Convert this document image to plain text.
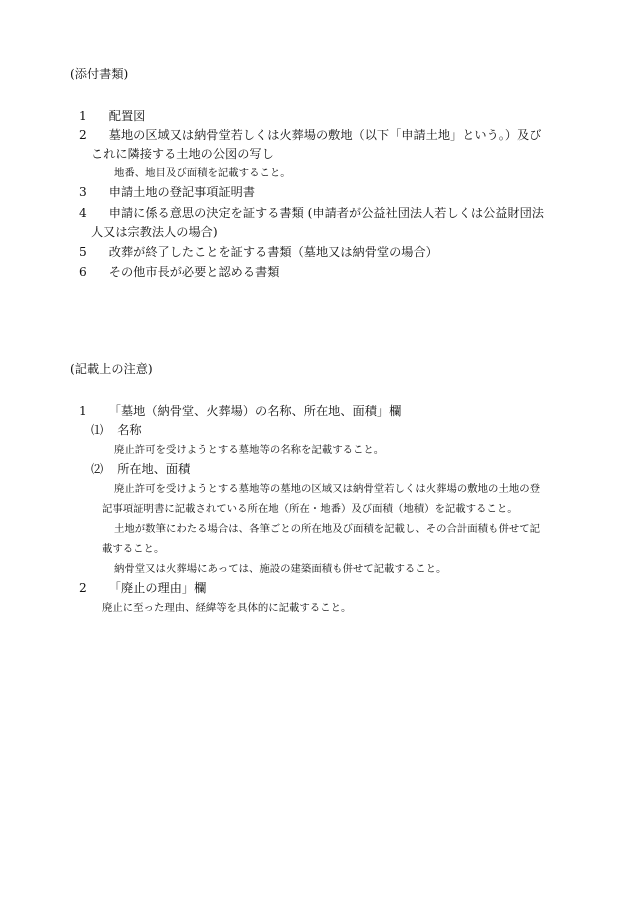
(添付書類)
1 配置図
2 墓地の区域又は納骨堂若しくは火葬場の敷地（以下「申請土地」という。）及び
これに隣接する土地の公図の写し
地番、地目及び面積を記載すること。
3 申請土地の登記事項証明書
4 申請に係る意思の決定を証する書類 (申請者が公益社団法人若しくは公益財団法
人又は宗教法人の場合)
5 改葬が終了したことを証する書類（墓地又は納骨堂の場合）
6 その他市長が必要と認める書類
(記載上の注意)
1 「墓地（納骨堂、火葬場）の名称、所在地、面積」欄
⑴ 名称
廃止許可を受けようとする墓地等の名称を記載すること。
⑵ 所在地、面積
廃止許可を受けようとする墓地等の墓地の区域又は納骨堂若しくは火葬場の敷地の土地の登
記事項証明書に記載されている所在地（所在・地番）及び面積（地積）を記載すること。
土地が数筆にわたる場合は、各筆ごとの所在地及び面積を記載し、その合計面積も併せて記
載すること。
納骨堂又は火葬場にあっては、施設の建築面積も併せて記載すること。
2 「廃止の理由」欄
廃止に至った理由、経緯等を具体的に記載すること。
